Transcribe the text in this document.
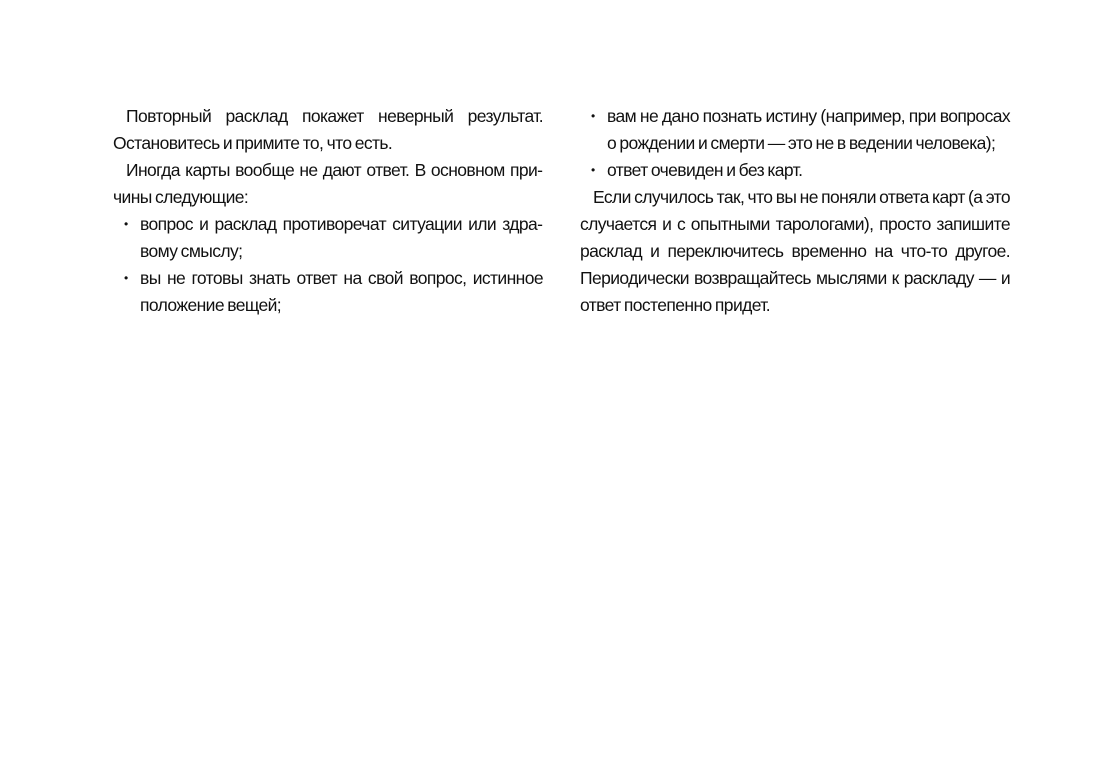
Повторный расклад покажет неверный результат. Остановитесь и примите то, что есть.

Иногда карты вообще не дают ответ. В основном причины следующие:

• вопрос и расклад противоречат ситуации или здравому смыслу;
• вы не готовы знать ответ на свой вопрос, истинное положение вещей;
• вам не дано познать истину (например, при вопросах о рождении и смерти — это не в ведении человека);
• ответ очевиден и без карт.

Если случилось так, что вы не поняли ответа карт (а это случается и с опытными тарологами), просто запишите расклад и переключитесь временно на что-то другое. Периодически возвращайтесь мыслями к раскладу — и ответ постепенно придет.
